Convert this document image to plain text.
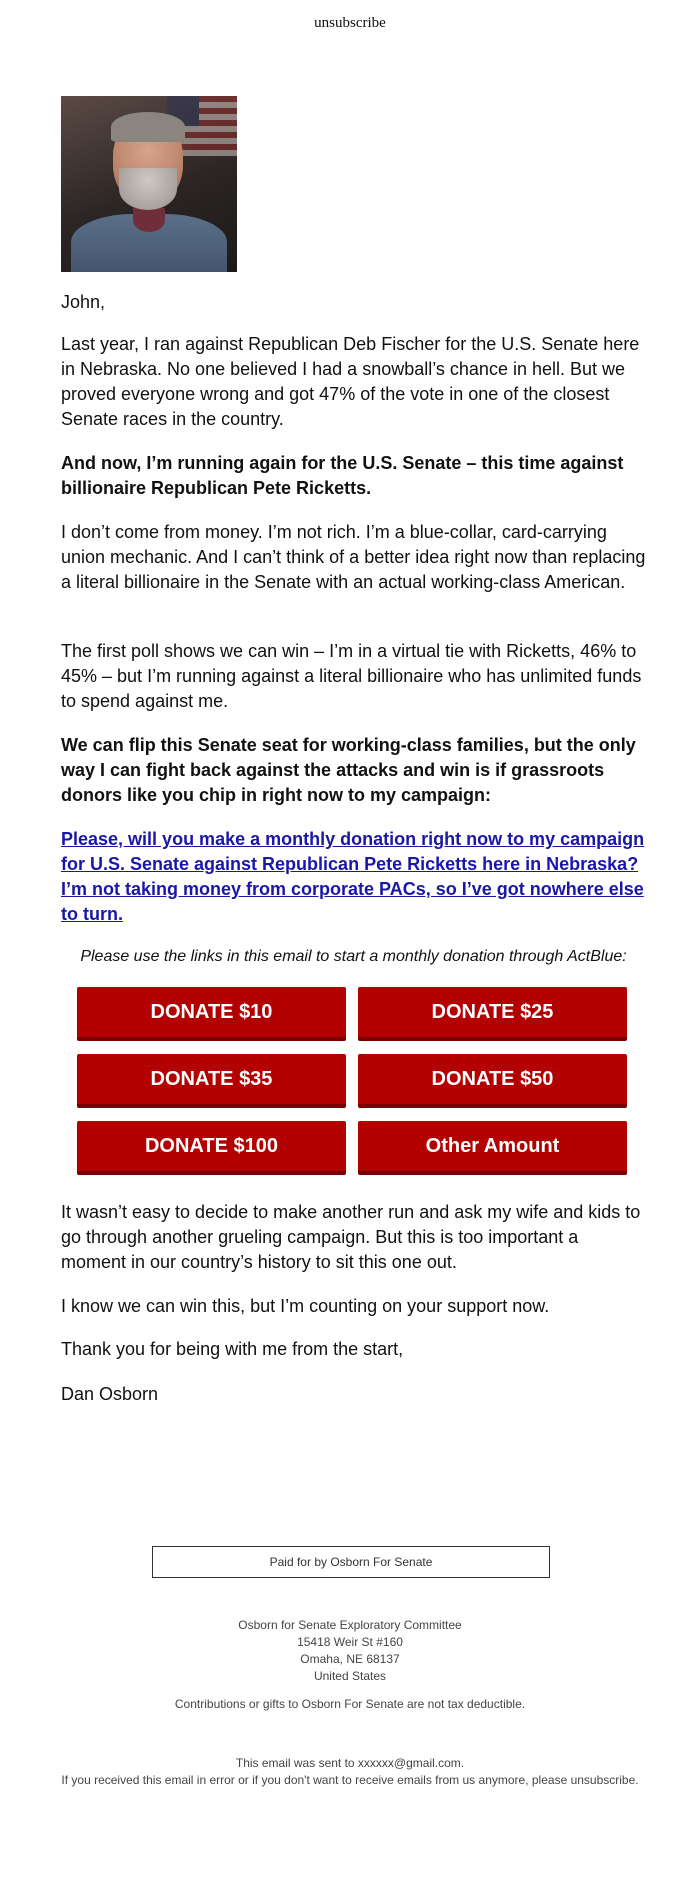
unsubscribe

John,

Last year, I ran against Republican Deb Fischer for the U.S. Senate here in Nebraska. No one believed I had a snowball’s chance in hell. But we proved everyone wrong and got 47% of the vote in one of the closest Senate races in the country.

And now, I’m running again for the U.S. Senate – this time against billionaire Republican Pete Ricketts.

I don’t come from money. I’m not rich. I’m a blue-collar, card-carrying union mechanic. And I can’t think of a better idea right now than replacing a literal billionaire in the Senate with an actual working-class American.

The first poll shows we can win – I’m in a virtual tie with Ricketts, 46% to 45% – but I’m running against a literal billionaire who has unlimited funds to spend against me.

We can flip this Senate seat for working-class families, but the only way I can fight back against the attacks and win is if grassroots donors like you chip in right now to my campaign:

Please, will you make a monthly donation right now to my campaign for U.S. Senate against Republican Pete Ricketts here in Nebraska? I’m not taking money from corporate PACs, so I’ve got nowhere else to turn.

Please use the links in this email to start a monthly donation through ActBlue:

DONATE $10	DONATE $25
DONATE $35	DONATE $50
DONATE $100	Other Amount

It wasn’t easy to decide to make another run and ask my wife and kids to go through another grueling campaign. But this is too important a moment in our country’s history to sit this one out.

I know we can win this, but I’m counting on your support now.

Thank you for being with me from the start,

Dan Osborn

Paid for by Osborn For Senate
Osborn for Senate Exploratory Committee
15418 Weir St #160
Omaha, NE 68137
United States
Contributions or gifts to Osborn For Senate are not tax deductible.
This email was sent to xxxxxx@gmail.com.
If you received this email in error or if you don't want to receive emails from us anymore, please unsubscribe.
